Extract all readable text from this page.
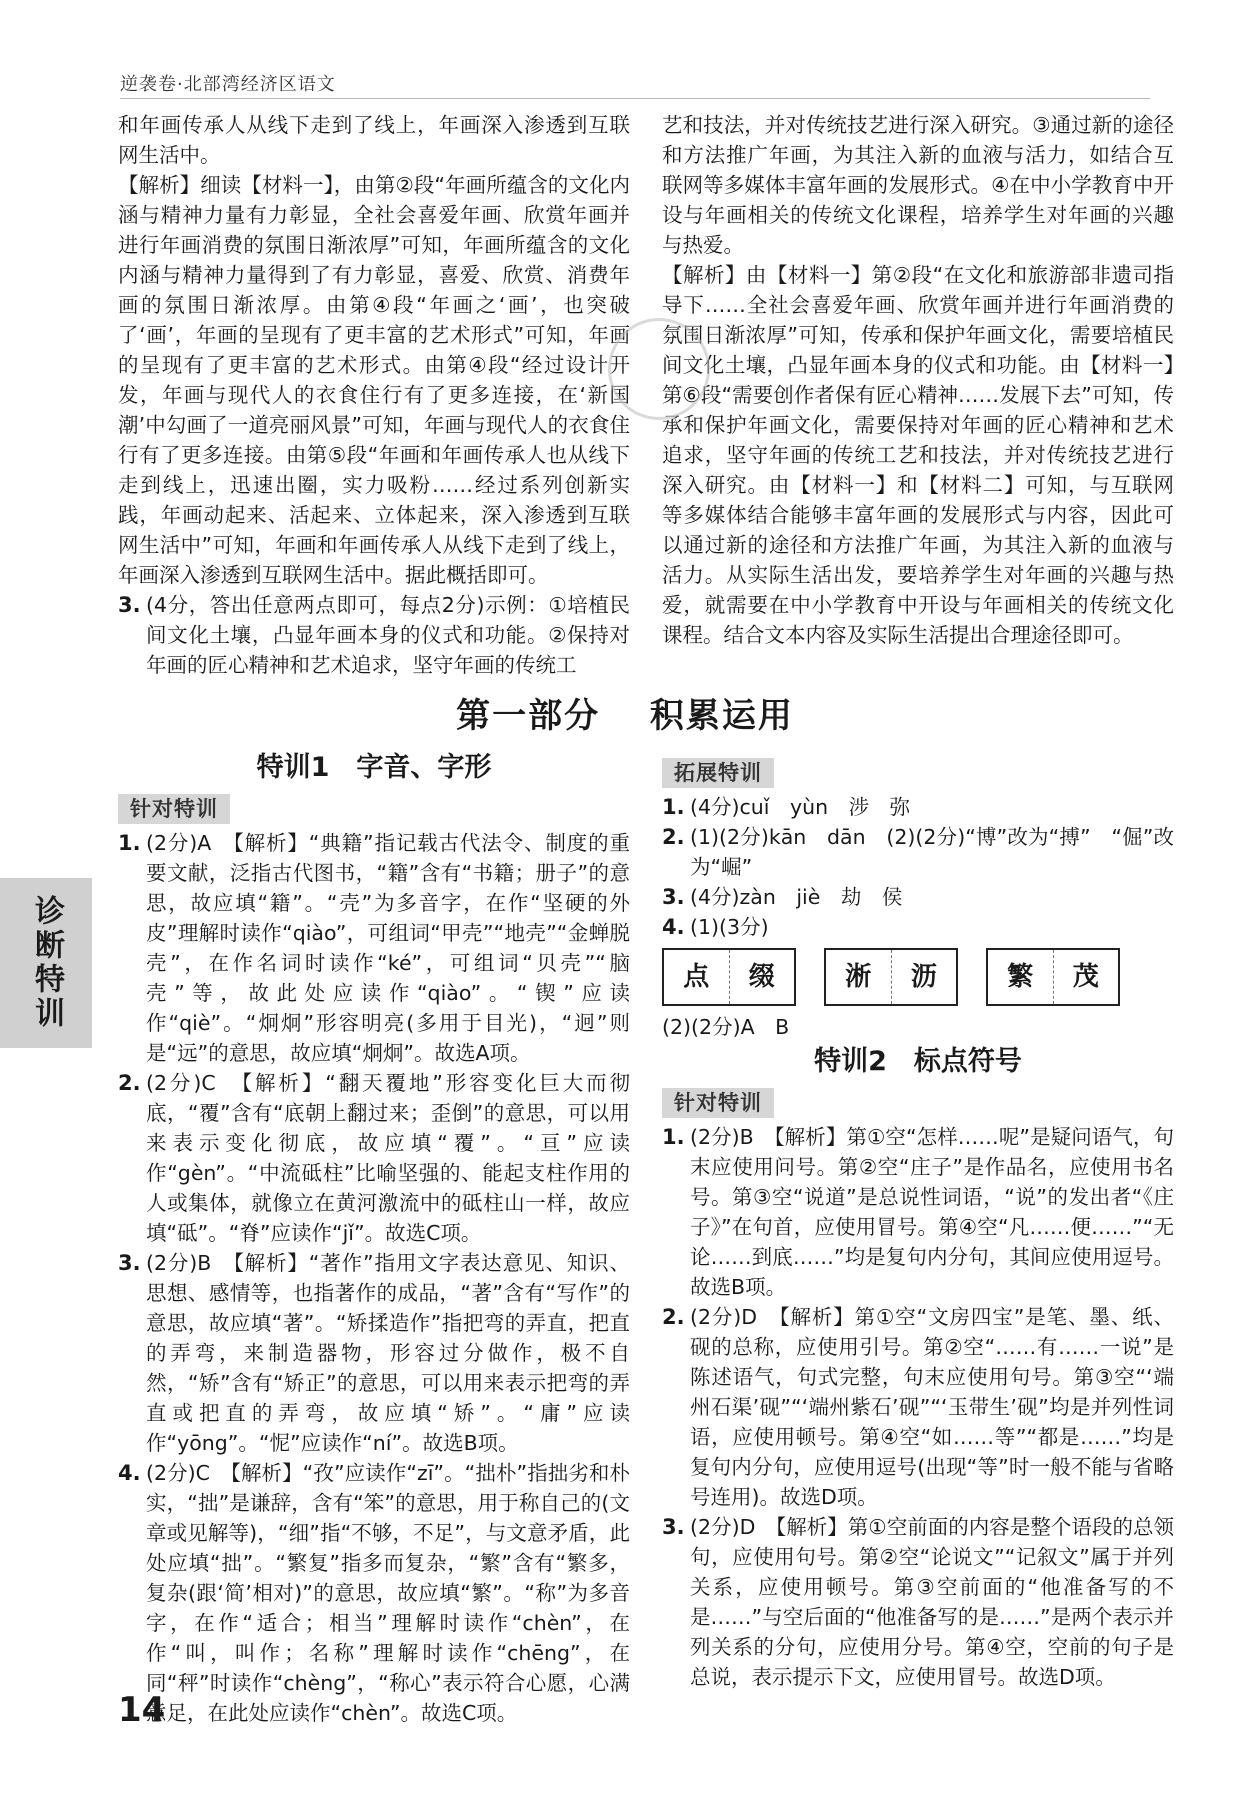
逆袭卷·北部湾经济区语文

和年画传承人从线下走到了线上，年画深入渗透到互联网生活中。

【解析】细读【材料一】，由第②段“年画所蕴含的文化内涵与精神力量有力彰显，全社会喜爱年画、欣赏年画并进行年画消费的氛围日渐浓厚”可知，年画所蕴含的文化内涵与精神力量得到了有力彰显，喜爱、欣赏、消费年画的氛围日渐浓厚。由第④段“年画之‘画’，也突破了‘画’，年画的呈现有了更丰富的艺术形式”可知，年画的呈现有了更丰富的艺术形式。由第④段“经过设计开发，年画与现代人的衣食住行有了更多连接，在‘新国潮’中勾画了一道亮丽风景”可知，年画与现代人的衣食住行有了更多连接。由第⑤段“年画和年画传承人也从线下走到线上，迅速出圈，实力吸粉……经过系列创新实践，年画动起来、活起来、立体起来，深入渗透到互联网生活中”可知，年画和年画传承人从线下走到了线上，年画深入渗透到互联网生活中。据此概括即可。

3. (4分，答出任意两点即可，每点2分)示例：①培植民间文化土壤，凸显年画本身的仪式和功能。②保持对年画的匠心精神和艺术追求，坚守年画的传统工

艺和技法，并对传统技艺进行深入研究。③通过新的途径和方法推广年画，为其注入新的血液与活力，如结合互联网等多媒体丰富年画的发展形式。④在中小学教育中开设与年画相关的传统文化课程，培养学生对年画的兴趣与热爱。

【解析】由【材料一】第②段“在文化和旅游部非遗司指导下……全社会喜爱年画、欣赏年画并进行年画消费的氛围日渐浓厚”可知，传承和保护年画文化，需要培植民间文化土壤，凸显年画本身的仪式和功能。由【材料一】第⑥段“需要创作者保有匠心精神……发展下去”可知，传承和保护年画文化，需要保持对年画的匠心精神和艺术追求，坚守年画的传统工艺和技法，并对传统技艺进行深入研究。由【材料一】和【材料二】可知，与互联网等多媒体结合能够丰富年画的发展形式与内容，因此可以通过新的途径和方法推广年画，为其注入新的血液与活力。从实际生活出发，要培养学生对年画的兴趣与热爱，就需要在中小学教育中开设与年画相关的传统文化课程。结合文本内容及实际生活提出合理途径即可。

第一部分 积累运用
诊断特训
特训1　字音、字形
针对特训
1. (2分)A　【解析】“典籍”指记载古代法令、制度的重要文献，泛指古代图书，“籍”含有“书籍；册子”的意思，故应填“籍”。“壳”为多音字，在作“坚硬的外皮”理解时读作“qiào”，可组词“甲壳”“地壳”“金蝉脱壳”，在作名词时读作“ké”，可组词“贝壳”“脑壳”等，故此处应读作“qiào”。“锲”应读作“qiè”。“炯炯”形容明亮(多用于目光)，“迥”则是“远”的意思，故应填“炯炯”。故选A项。
2. (2分)C　【解析】“翻天覆地”形容变化巨大而彻底，“覆”含有“底朝上翻过来；歪倒”的意思，可以用来表示变化彻底，故应填“覆”。“亘”应读作“gèn”。“中流砥柱”比喻坚强的、能起支柱作用的人或集体，就像立在黄河激流中的砥柱山一样，故应填“砥”。“脊”应读作“jǐ”。故选C项。
3. (2分)B　【解析】“著作”指用文字表达意见、知识、思想、感情等，也指著作的成品，“著”含有“写作”的意思，故应填“著”。“矫揉造作”指把弯的弄直，把直的弄弯，来制造器物，形容过分做作，极不自然，“矫”含有“矫正”的意思，可以用来表示把弯的弄直或把直的弄弯，故应填“矫”。“庸”应读作“yōng”。“怩”应读作“ní”。故选B项。
4. (2分)C　【解析】“孜”应读作“zī”。“拙朴”指拙劣和朴实，“拙”是谦辞，含有“笨”的意思，用于称自己的(文章或见解等)，“细”指“不够，不足”，与文意矛盾，此处应填“拙”。“繁复”指多而复杂，“繁”含有“繁多，复杂(跟‘简’相对)”的意思，故应填“繁”。“称”为多音字，在作“适合；相当”理解时读作“chèn”，在作“叫，叫作；名称”理解时读作“chēng”，在同“秤”时读作“chèng”，“称心”表示符合心愿，心满意足，在此处应读作“chèn”。故选C项。
拓展特训
1. (4分)cuǐ　yùn　涉　弥
2. (1)(2分)kān　dān　(2)(2分)“博”改为“搏”　“倔”改为“崛”
3. (4分)zàn　jiè　劫　侯
4. (1)(3分)
点	缀	淅	沥	繁	茂

(2)(2分)A　B

特训2　标点符号
针对特训
1. (2分)B　【解析】第①空“怎样……呢”是疑问语气，句末应使用问号。第②空“庄子”是作品名，应使用书名号。第③空“说道”是总说性词语，“说”的发出者“《庄子》”在句首，应使用冒号。第④空“凡……便……”“无论……到底……”均是复句内分句，其间应使用逗号。故选B项。
2. (2分)D　【解析】第①空“文房四宝”是笔、墨、纸、砚的总称，应使用引号。第②空“……有……一说”是陈述语气，句式完整，句末应使用句号。第③空“‘端州石渠’砚”“‘端州紫石’砚”“‘玉带生’砚”均是并列性词语，应使用顿号。第④空“如……等”“都是……”均是复句内分句，应使用逗号(出现“等”时一般不能与省略号连用)。故选D项。
3. (2分)D　【解析】第①空前面的内容是整个语段的总领句，应使用句号。第②空“论说文”“记叙文”属于并列关系，应使用顿号。第③空前面的“他准备写的不是……”与空后面的“他准备写的是……”是两个表示并列关系的分句，应使用分号。第④空，空前的句子是总说，表示提示下文，应使用冒号。故选D项。
14
